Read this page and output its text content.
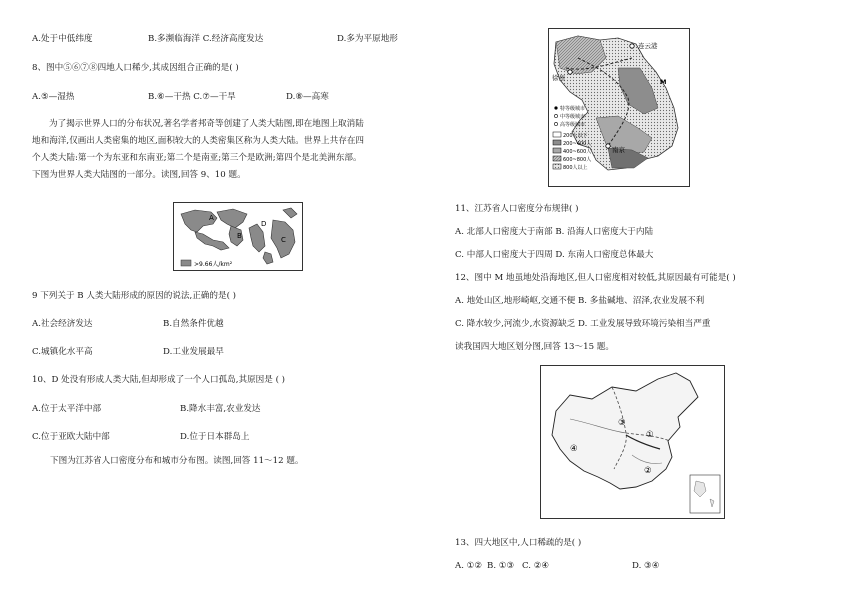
A.处于中低纬度	B.多濒临海洋 C.经济高度发达	D.多为平原地形
8、图中⑤⑥⑦⑧四地人口稀少,其成因组合正确的是( )
A.⑤—湿热	B.⑥—干热 C.⑦—干旱	D.⑧—高寒
为了揭示世界人口的分布状况,著名学者邦奇等创建了人类大陆图,即在地图上取消陆地和海洋,仅画出人类密集的地区,面积较大的人类密集区称为人类大陆。世界上共存在四个人类大陆:第一个为东亚和东南亚;第二个是南亚;第三个是欧洲;第四个是北美洲东部。下图为世界人类大陆图的一部分。读图,回答 9、10 题。
A
B
D
C
>9.66人/km²
9 下列关于 B 人类大陆形成的原因的说法,正确的是( )
A.社会经济发达	B.自然条件优越
C.城镇化水平高	D.工业发展最早
10、D 处没有形成人类大陆,但却形成了一个人口孤岛,其原因是 ( )
A.位于太平洋中部	B.降水丰富,农业发达
C.位于亚欧大陆中部	D.位于日本群岛上
下图为江苏省人口密度分布和城市分布图。读图,回答 11～12 题。
连云港
徐州	M
南京
特等级城市
中等级城市
高等级城市
200人以下
200~400人
400~600人
600~800人
800人以上
11、江苏省人口密度分布规律( )
A. 北部人口密度大于南部 B. 沿海人口密度大于内陆
C. 中部人口密度大于四周 D. 东南人口密度总体最大
12、图中 M 地虽地处沿海地区,但人口密度相对较低,其原因最有可能是( )
A. 地处山区,地形崎岖,交通不便 B. 多盐碱地、沼泽,农业发展不利
C. 降水较少,河流少,水资源缺乏 D. 工业发展导致环境污染相当严重
读我国四大地区划分图,回答 13～15 题。
③
①
②
④
13、四大地区中,人口稀疏的是( )
A. ①② B. ①③ C. ②④	D. ③④
